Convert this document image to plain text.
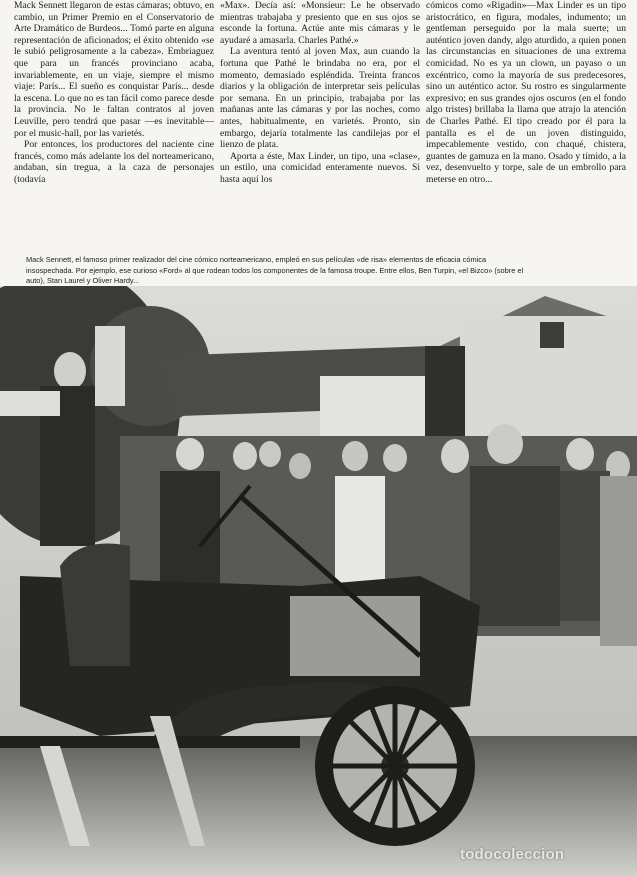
Mack Sennett llegaron de estas cámaras; obtuvo, en cambio, un Primer Premio en el Conservatorio de Arte Dramático de Burdeos... Tomó parte en alguna representación de aficionados; el éxito obtenido «se le subió peligrosamente a la cabeza». Embriaguez que para un francés provinciano acaba, invariablemente, en un viaje, siempre el mismo viaje: París... El sueño es conquistar París... desde la escena. Lo que no es tan fácil como parece desde la provincia. No le faltan contratos al joven Leuville, pero tendrá que pasar —es inevitable— por el music-hall, por las varietés.

Por entonces, los productores del naciente cine francés, como más adelante los del norteamericano, andaban, sin tregua, a la caza de personajes (todavía

«Max». Decía así: «Monsieur: Le he observado mientras trabajaba y presiento que en sus ojos se esconde la fortuna. Actúe ante mis cámaras y le ayudaré a amasarla. Charles Pathé.»

La aventura tentó al joven Max, aun cuando la fortuna que Pathé le brindaba no era, por el momento, demasiado espléndida. Treinta francos diarios y la obligación de interpretar seis películas por semana. En un principio, trabajaba por las mañanas ante las cámaras y por las noches, como antes, habitualmente, en varietés. Pronto, sin embargo, dejaría totalmente las candilejas por el lienzo de plata.

Aporta a éste, Max Linder, un tipo, una «clase», un estilo, una comicidad enteramente nuevos. Si hasta aquí los

cómicos como «Rigadin»—Max Linder es un tipo aristocrático, en figura, modales, indumento; un gentleman perseguido por la mala suerte; un auténtico joven dandy, algo aturdido, a quien ponen las circunstancias en situaciones de una extrema comicidad. No es ya un clown, un payaso o un excéntrico, como la mayoría de sus predecesores, sino un auténtico actor. Su rostro es singularmente expresivo; en sus grandes ojos oscuros (en el fondo algo tristes) brillaba la llama que atrajo la atención de Charles Pathé. El tipo creado por él para la pantalla es el de un joven distinguido, impecablemente vestido, con chaqué, chistera, guantes de gamuza en la mano. Osado y tímido, a la vez, desenvuelto y torpe, sale de un embrollo para meterse en otro...

Mack Sennett, el famoso primer realizador del cine cómico norteamericano, empleó en sus películas «de risa» elementos de eficacia cómica insospechada. Por ejemplo, ese curioso «Ford» al que rodean todos los componentes de la famosa troupe. Entre ellos, Ben Turpin, «el Bizco» (sobre el auto), Stan Laurel y Oliver Hardy...
todocoleccion
